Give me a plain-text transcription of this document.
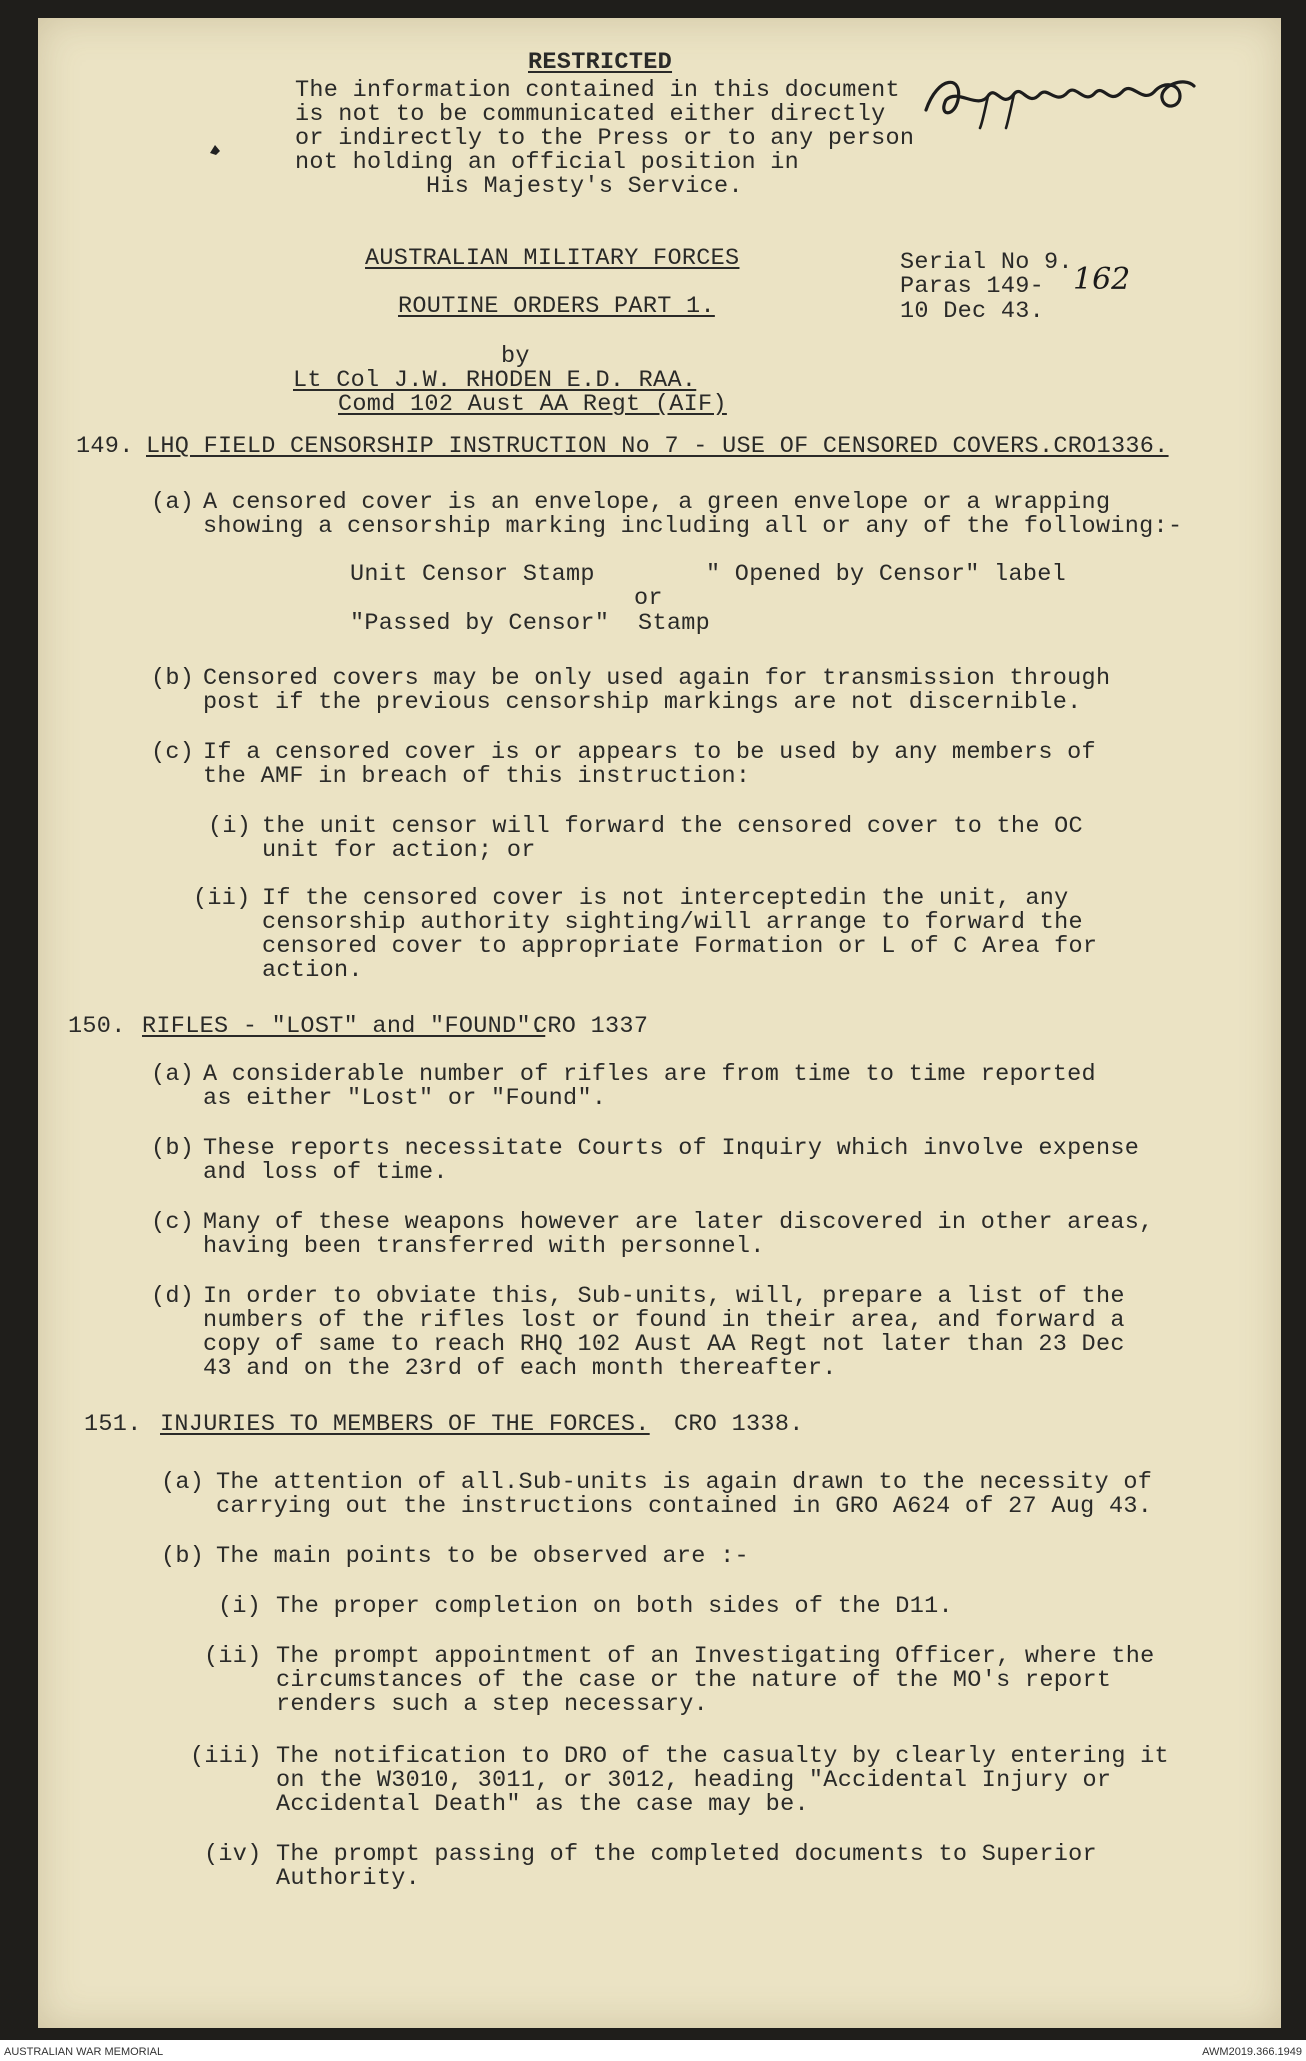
RESTRICTED
The information contained in this document
is not to be communicated either directly
or indirectly to the Press or to any person
not holding an official position in
His Majesty's Service.
AUSTRALIAN MILITARY FORCES
ROUTINE ORDERS PART 1.
Serial No 9.
Paras 149- 162
10 Dec 43.
by
Lt Col J.W. RHODEN E.D. RAA.
Comd 102 Aust AA Regt (AIF)
149. LHQ FIELD CENSORSHIP INSTRUCTION No 7 - USE OF CENSORED COVERS.CRO1336.
(a) A censored cover is an envelope, a green envelope or a wrapping
showing a censorship marking including all or any of the following:-
Unit Censor Stamp	" Opened by Censor" label
or
"Passed by Censor"  Stamp
(b) Censored covers may be only used again for transmission through
post if the previous censorship markings are not discernible.
(c) If a censored cover is or appears to be used by any members of
the AMF in breach of this instruction:
(i) the unit censor will forward the censored cover to the OC
unit for action; or
(ii) If the censored cover is not interceptedin the unit, any
censorship authority sighting/will arrange to forward the
censored cover to appropriate Formation or L of C Area for
action.
150. RIFLES - "LOST" and "FOUND".
CRO 1337
(a) A considerable number of rifles are from time to time reported
as either "Lost" or "Found".
(b) These reports necessitate Courts of Inquiry which involve expense
and loss of time.
(c) Many of these weapons however are later discovered in other areas,
having been transferred with personnel.
(d) In order to obviate this, Sub-units, will, prepare a list of the
numbers of the rifles lost or found in their area, and forward a
copy of same to reach RHQ 102 Aust AA Regt not later than 23 Dec
43 and on the 23rd of each month thereafter.
151. INJURIES TO MEMBERS OF THE FORCES. CRO 1338.
(a) The attention of all.Sub-units is again drawn to the necessity of
carrying out the instructions contained in GRO A624 of 27 Aug 43.
(b) The main points to be observed are :-
(i) The proper completion on both sides of the D11.
(ii) The prompt appointment of an Investigating Officer, where the
circumstances of the case or the nature of the MO's report
renders such a step necessary.
(iii) The notification to DRO of the casualty by clearly entering it
on the W3010, 3011, or 3012, heading "Accidental Injury or
Accidental Death" as the case may be.
(iv) The prompt passing of the completed documents to Superior
Authority.
AUSTRALIAN WAR MEMORIAL	AWM2019.366.1949
